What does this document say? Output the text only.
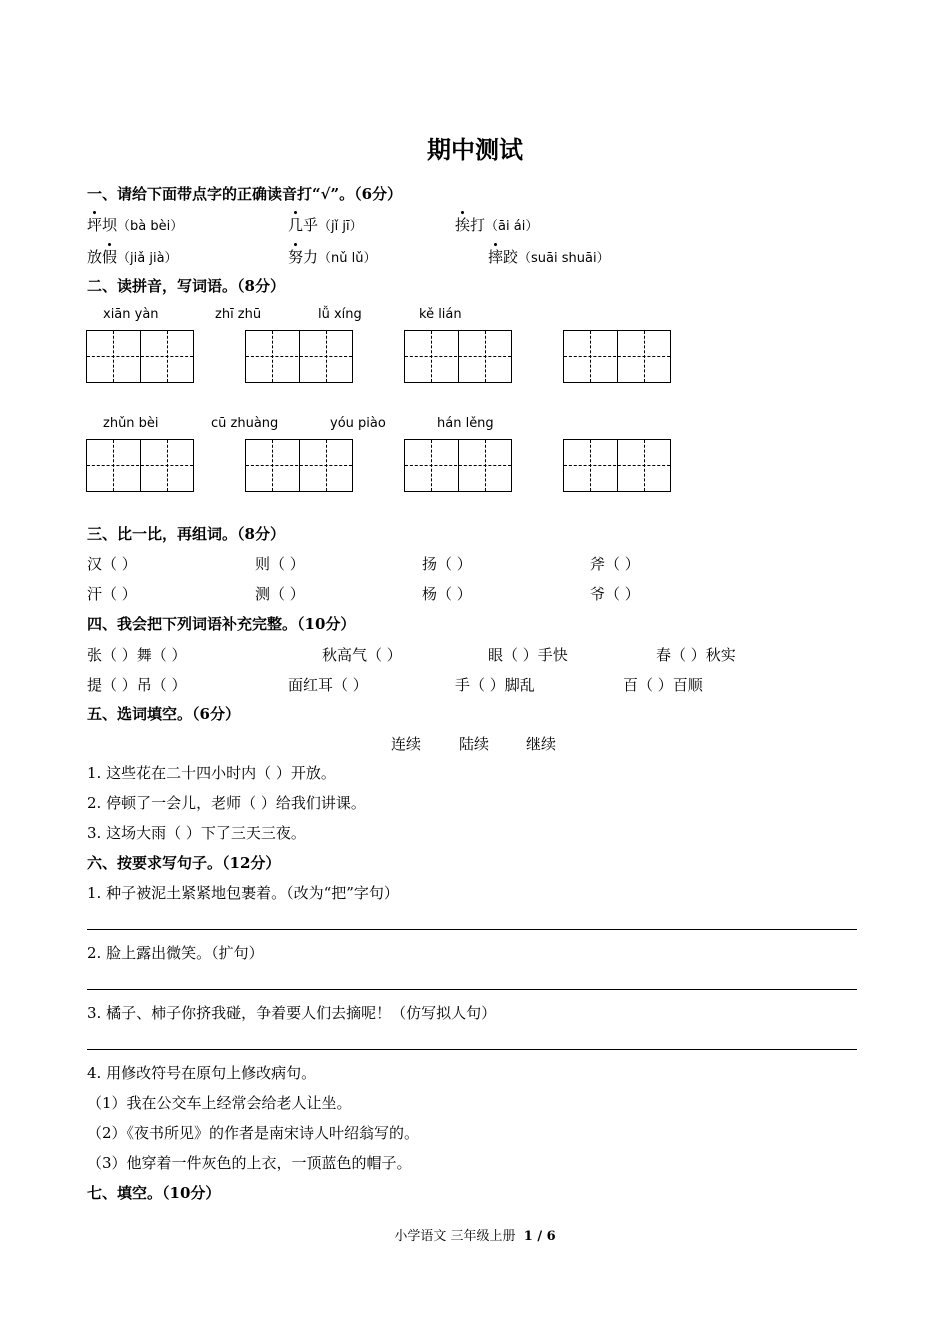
期中测试
一、请给下面带点字的正确读音打“√”。（6分）
坪坝（bà bèi）	几乎（jǐ jī）	挨打（āi ái）
放假（jiǎ jià）	努力（nǔ lǔ）	摔跤（suāi shuāi）
二、读拼音，写词语。（8分）
xiān yàn	zhī zhū	lǚ xíng	kě lián
zhǔn bèi	cū zhuàng	yóu piào	hán lěng
三、比一比，再组词。（8分）
汉（ ）	则（ ）	扬（ ）	斧（ ）
汗（ ）	测（ ）	杨（ ）	爷（ ）
四、我会把下列词语补充完整。（10分）
张（ ）舞（ ）	秋高气（ ）	眼（ ）手快	春（ ）秋实
提（ ）吊（ ）	面红耳（ ）	手（ ）脚乱	百（ ）百顺
五、选词填空。（6分）
连续	陆续 继续
1. 这些花在二十四小时内（ ）开放。
2. 停顿了一会儿，老师（ ）给我们讲课。
3. 这场大雨（ ）下了三天三夜。
六、按要求写句子。（12分）
1. 种子被泥土紧紧地包裹着。（改为“把”字句）
2. 脸上露出微笑。（扩句）
3. 橘子、柿子你挤我碰，争着要人们去摘呢！（仿写拟人句）
4. 用修改符号在原句上修改病句。
（1）我在公交车上经常会给老人让坐。
（2）《夜书所见》的作者是南宋诗人叶绍翁写的。
（3）他穿着一件灰色的上衣，一顶蓝色的帽子。
七、填空。（10分）
小学语文 三年级上册 1 / 6
